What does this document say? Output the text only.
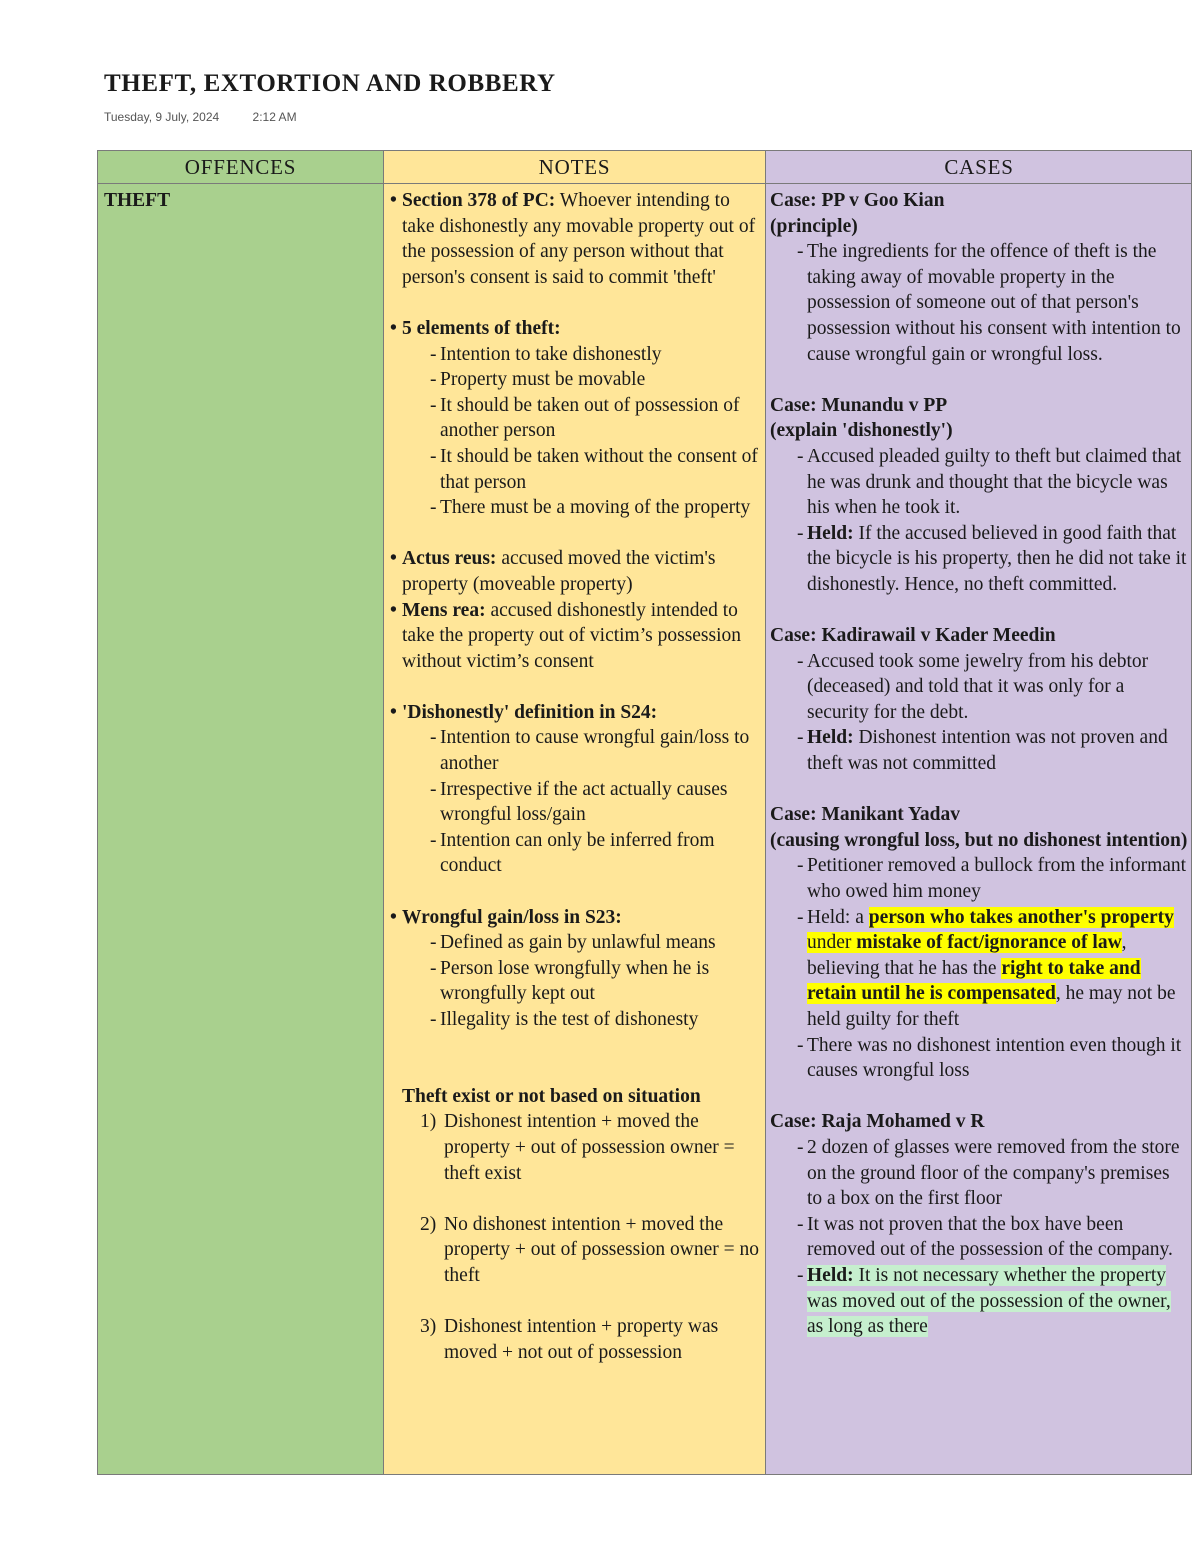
THEFT, EXTORTION AND ROBBERY
Tuesday, 9 July, 2024	2:12 AM
OFFENCES
THEFT
NOTES
• Section 378 of PC: Whoever intending to take dishonestly any movable property out of the possession of any person without that person's consent is said to commit 'theft'
• 5 elements of theft:
- Intention to take dishonestly
- Property must be movable
- It should be taken out of possession of another person
- It should be taken without the consent of that person
- There must be a moving of the property
• Actus reus: accused moved the victim's property (moveable property)
• Mens rea: accused dishonestly intended to take the property out of victim’s possession without victim’s consent
• 'Dishonestly' definition in S24:
- Intention to cause wrongful gain/loss to another
- Irrespective if the act actually causes wrongful loss/gain
- Intention can only be inferred from conduct
• Wrongful gain/loss in S23:
- Defined as gain by unlawful means
- Person lose wrongfully when he is wrongfully kept out
- Illegality is the test of dishonesty
Theft exist or not based on situation
1) Dishonest intention + moved the property + out of possession owner = theft exist
2) No dishonest intention + moved the property + out of possession owner = no theft
3) Dishonest intention + property was moved + not out of possession
CASES
Case: PP v Goo Kian
(principle)
- The ingredients for the offence of theft is the taking away of movable property in the possession of someone out of that person's possession without his consent with intention to cause wrongful gain or wrongful loss.
Case: Munandu v PP
(explain 'dishonestly')
- Accused pleaded guilty to theft but claimed that he was drunk and thought that the bicycle was his when he took it.
- Held: If the accused believed in good faith that the bicycle is his property, then he did not take it dishonestly. Hence, no theft committed.
Case: Kadirawail v Kader Meedin
- Accused took some jewelry from his debtor (deceased) and told that it was only for a security for the debt.
- Held: Dishonest intention was not proven and theft was not committed
Case: Manikant Yadav
(causing wrongful loss, but no dishonest intention)
- Petitioner removed a bullock from the informant who owed him money
- Held: a person who takes another's property under mistake of fact/ignorance of law, believing that he has the right to take and retain until he is compensated, he may not be held guilty for theft
- There was no dishonest intention even though it causes wrongful loss
Case: Raja Mohamed v R
- 2 dozen of glasses were removed from the store on the ground floor of the company's premises to a box on the first floor
- It was not proven that the box have been removed out of the possession of the company.
- Held: It is not necessary whether the property was moved out of the possession of the owner, as long as there
